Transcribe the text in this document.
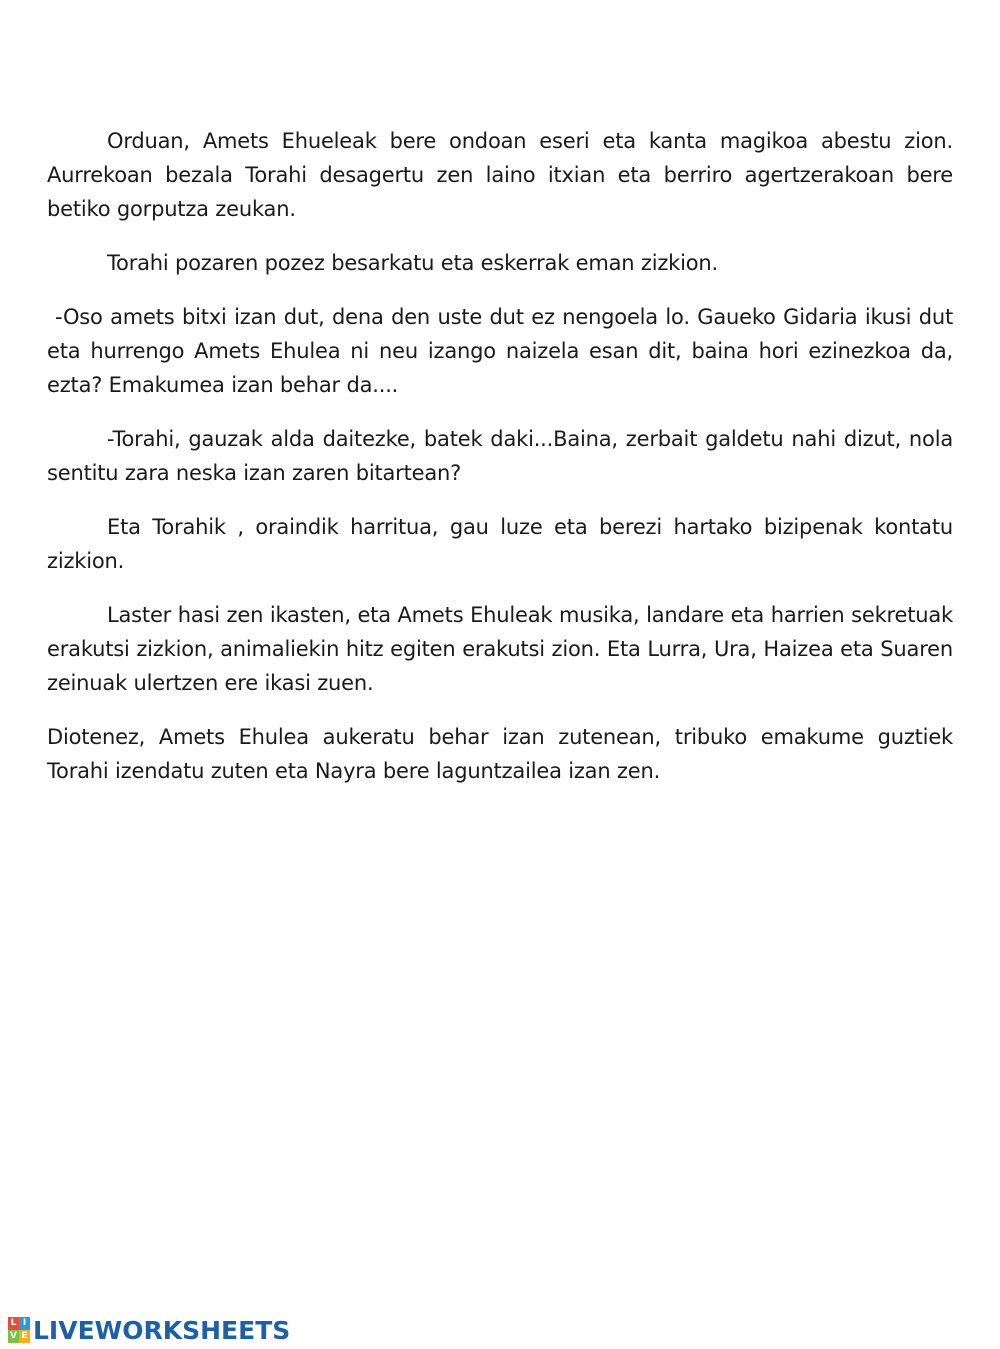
Orduan, Amets Ehueleak bere ondoan eseri eta kanta magikoa abestu zion. Aurrekoan bezala Torahi desagertu zen laino itxian eta berriro agertzerakoan bere betiko gorputza zeukan.

Torahi pozaren pozez besarkatu eta eskerrak eman zizkion.

-Oso amets bitxi izan dut, dena den uste dut ez nengoela lo. Gaueko Gidaria ikusi dut eta hurrengo Amets Ehulea ni neu izango naizela esan dit, baina hori ezinezkoa da, ezta? Emakumea izan behar da....

-Torahi, gauzak alda daitezke, batek daki...Baina, zerbait galdetu nahi dizut, nola sentitu zara neska izan zaren bitartean?

Eta Torahik , oraindik harritua, gau luze eta berezi hartako bizipenak kontatu zizkion.

Laster hasi zen ikasten, eta Amets Ehuleak musika, landare eta harrien sekretuak erakutsi zizkion, animaliekin hitz egiten erakutsi zion. Eta Lurra, Ura, Haizea eta Suaren zeinuak ulertzen ere ikasi zuen.

Diotenez, Amets Ehulea aukeratu behar izan zutenean, tribuko emakume guztiek Torahi izendatu zuten eta Nayra bere laguntzailea izan zen.

L I
V E LIVEWORKSHEETS
